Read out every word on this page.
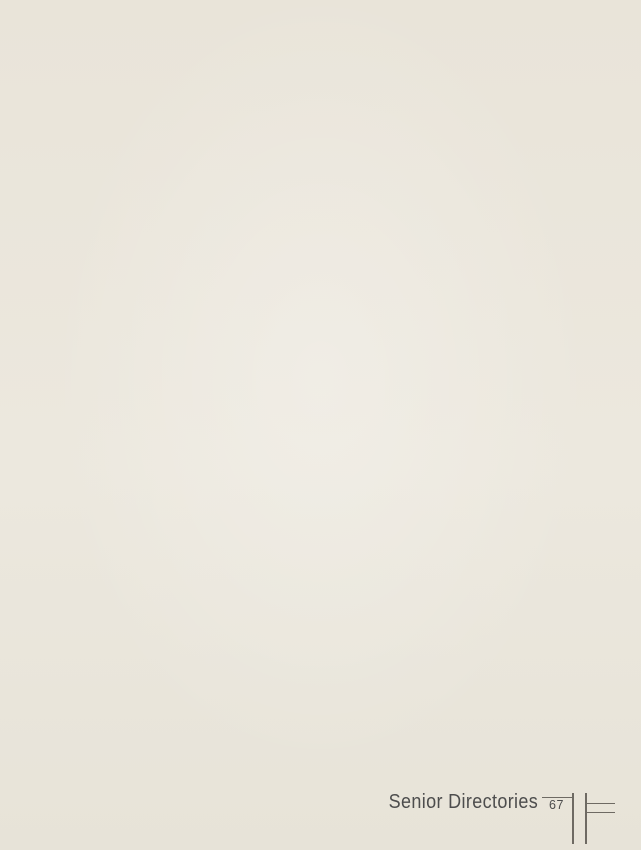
Senior Directories 67
